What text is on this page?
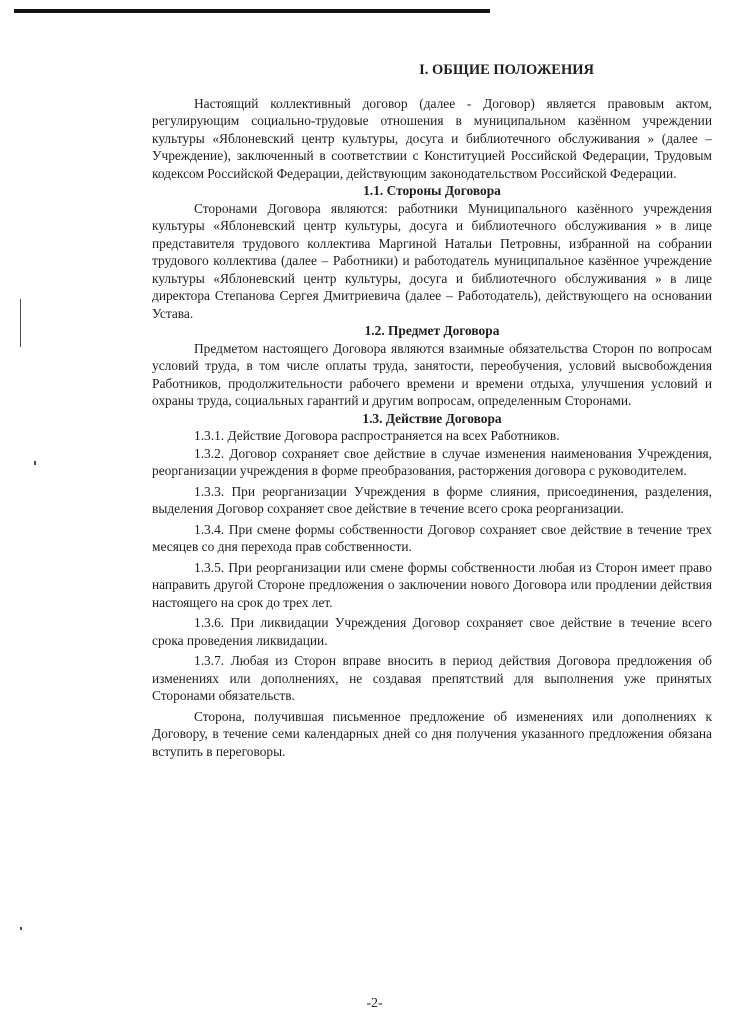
I. ОБЩИЕ ПОЛОЖЕНИЯ

Настоящий коллективный договор (далее - Договор) является правовым актом, регулирующим социально-трудовые отношения в муниципальном казённом учреждении культуры «Яблоневский центр культуры, досуга и библиотечного обслуживания » (далее – Учреждение), заключенный в соответствии с Конституцией Российской Федерации, Трудовым кодексом Российской Федерации, действующим законодательством Российской Федерации.

1.1. Стороны Договора

Сторонами Договора являются: работники Муниципального казённого учреждения культуры «Яблоневский центр культуры, досуга и библиотечного обслуживания » в лице представителя трудового коллектива Маргиной Натальи Петровны, избранной на собрании трудового коллектива (далее – Работники) и работодатель муниципальное казённое учреждение культуры «Яблоневский центр культуры, досуга и библиотечного обслуживания » в лице директора Степанова Сергея Дмитриевича (далее – Работодатель), действующего на основании Устава.

1.2. Предмет Договора

Предметом настоящего Договора являются взаимные обязательства Сторон по вопросам условий труда, в том числе оплаты труда, занятости, переобучения, условий высвобождения Работников, продолжительности рабочего времени и времени отдыха, улучшения условий и охраны труда, социальных гарантий и другим вопросам, определенным Сторонами.

1.3. Действие Договора

1.3.1. Действие Договора распространяется на всех Работников.

1.3.2. Договор сохраняет свое действие в случае изменения наименования Учреждения, реорганизации учреждения в форме преобразования, расторжения договора с руководителем.

1.3.3. При реорганизации Учреждения в форме слияния, присоединения, разделения, выделения Договор сохраняет свое действие в течение всего срока реорганизации.

1.3.4. При смене формы собственности Договор сохраняет свое действие в течение трех месяцев со дня перехода прав собственности.

1.3.5. При реорганизации или смене формы собственности любая из Сторон имеет право направить другой Стороне предложения о заключении нового Договора или продлении действия настоящего на срок до трех лет.

1.3.6. При ликвидации Учреждения Договор сохраняет свое действие в течение всего срока проведения ликвидации.

1.3.7. Любая из Сторон вправе вносить в период действия Договора предложения об изменениях или дополнениях, не создавая препятствий для выполнения уже принятых Сторонами обязательств.

Сторона, получившая письменное предложение об изменениях или дополнениях к Договору, в течение семи календарных дней со дня получения указанного предложения обязана вступить в переговоры.

-2-
